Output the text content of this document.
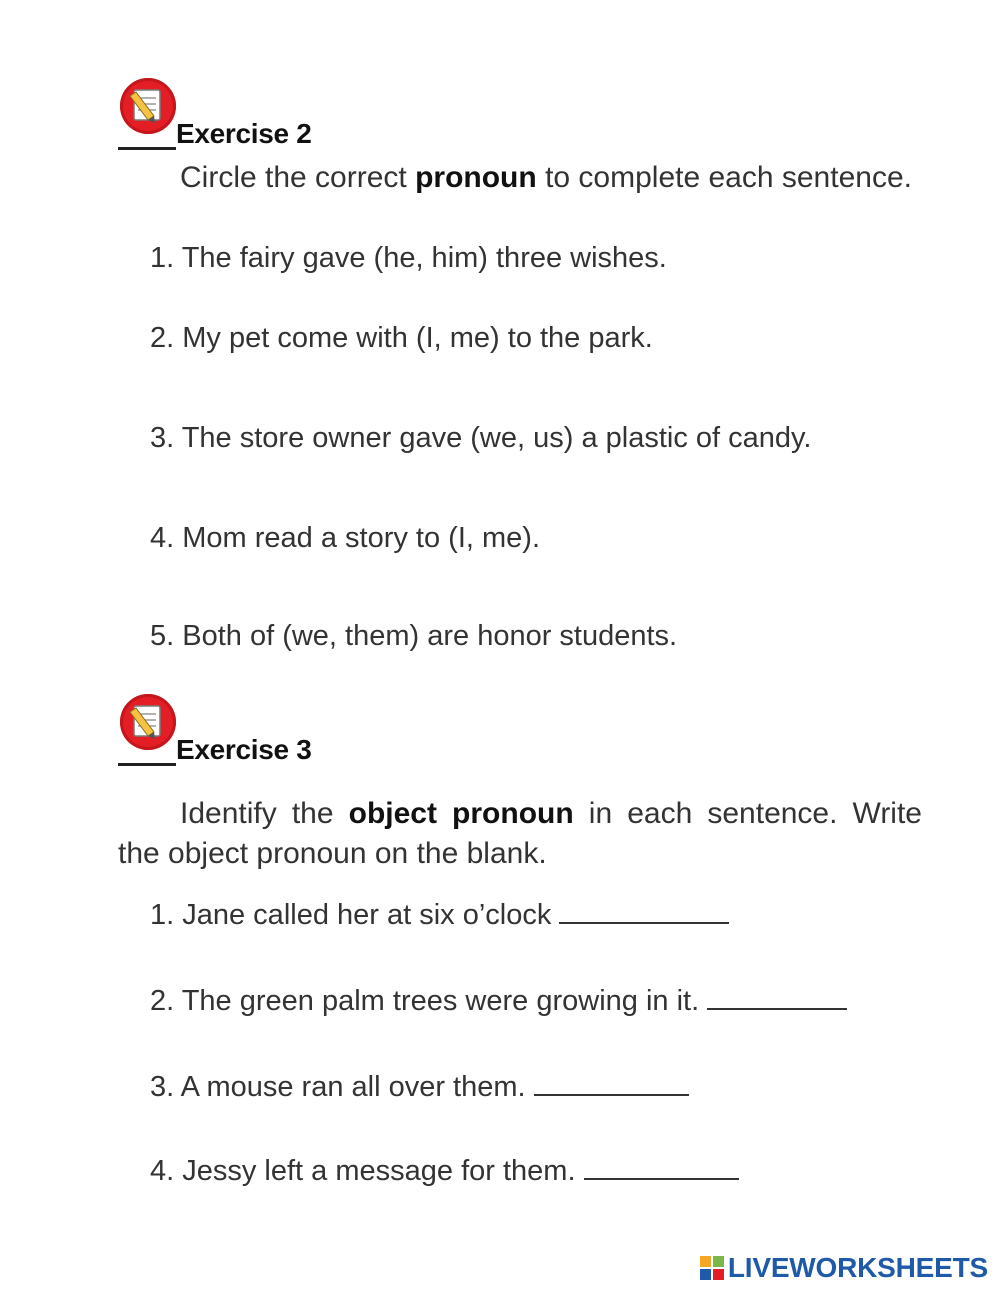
Exercise 2
Circle the correct pronoun to complete each sentence.
1. The fairy gave (he, him) three wishes.
2. My pet come with (I, me) to the park.
3. The store owner gave (we, us) a plastic of candy.
4. Mom read a story to (I, me).
5. Both of (we, them) are honor students.
Exercise 3
Identify the object pronoun in each sentence. Write the object pronoun on the blank.
1. Jane called her at six o’clock
2. The green palm trees were growing in it.
3. A mouse ran all over them.
4. Jessy left a message for them.
LIVEWORKSHEETS
